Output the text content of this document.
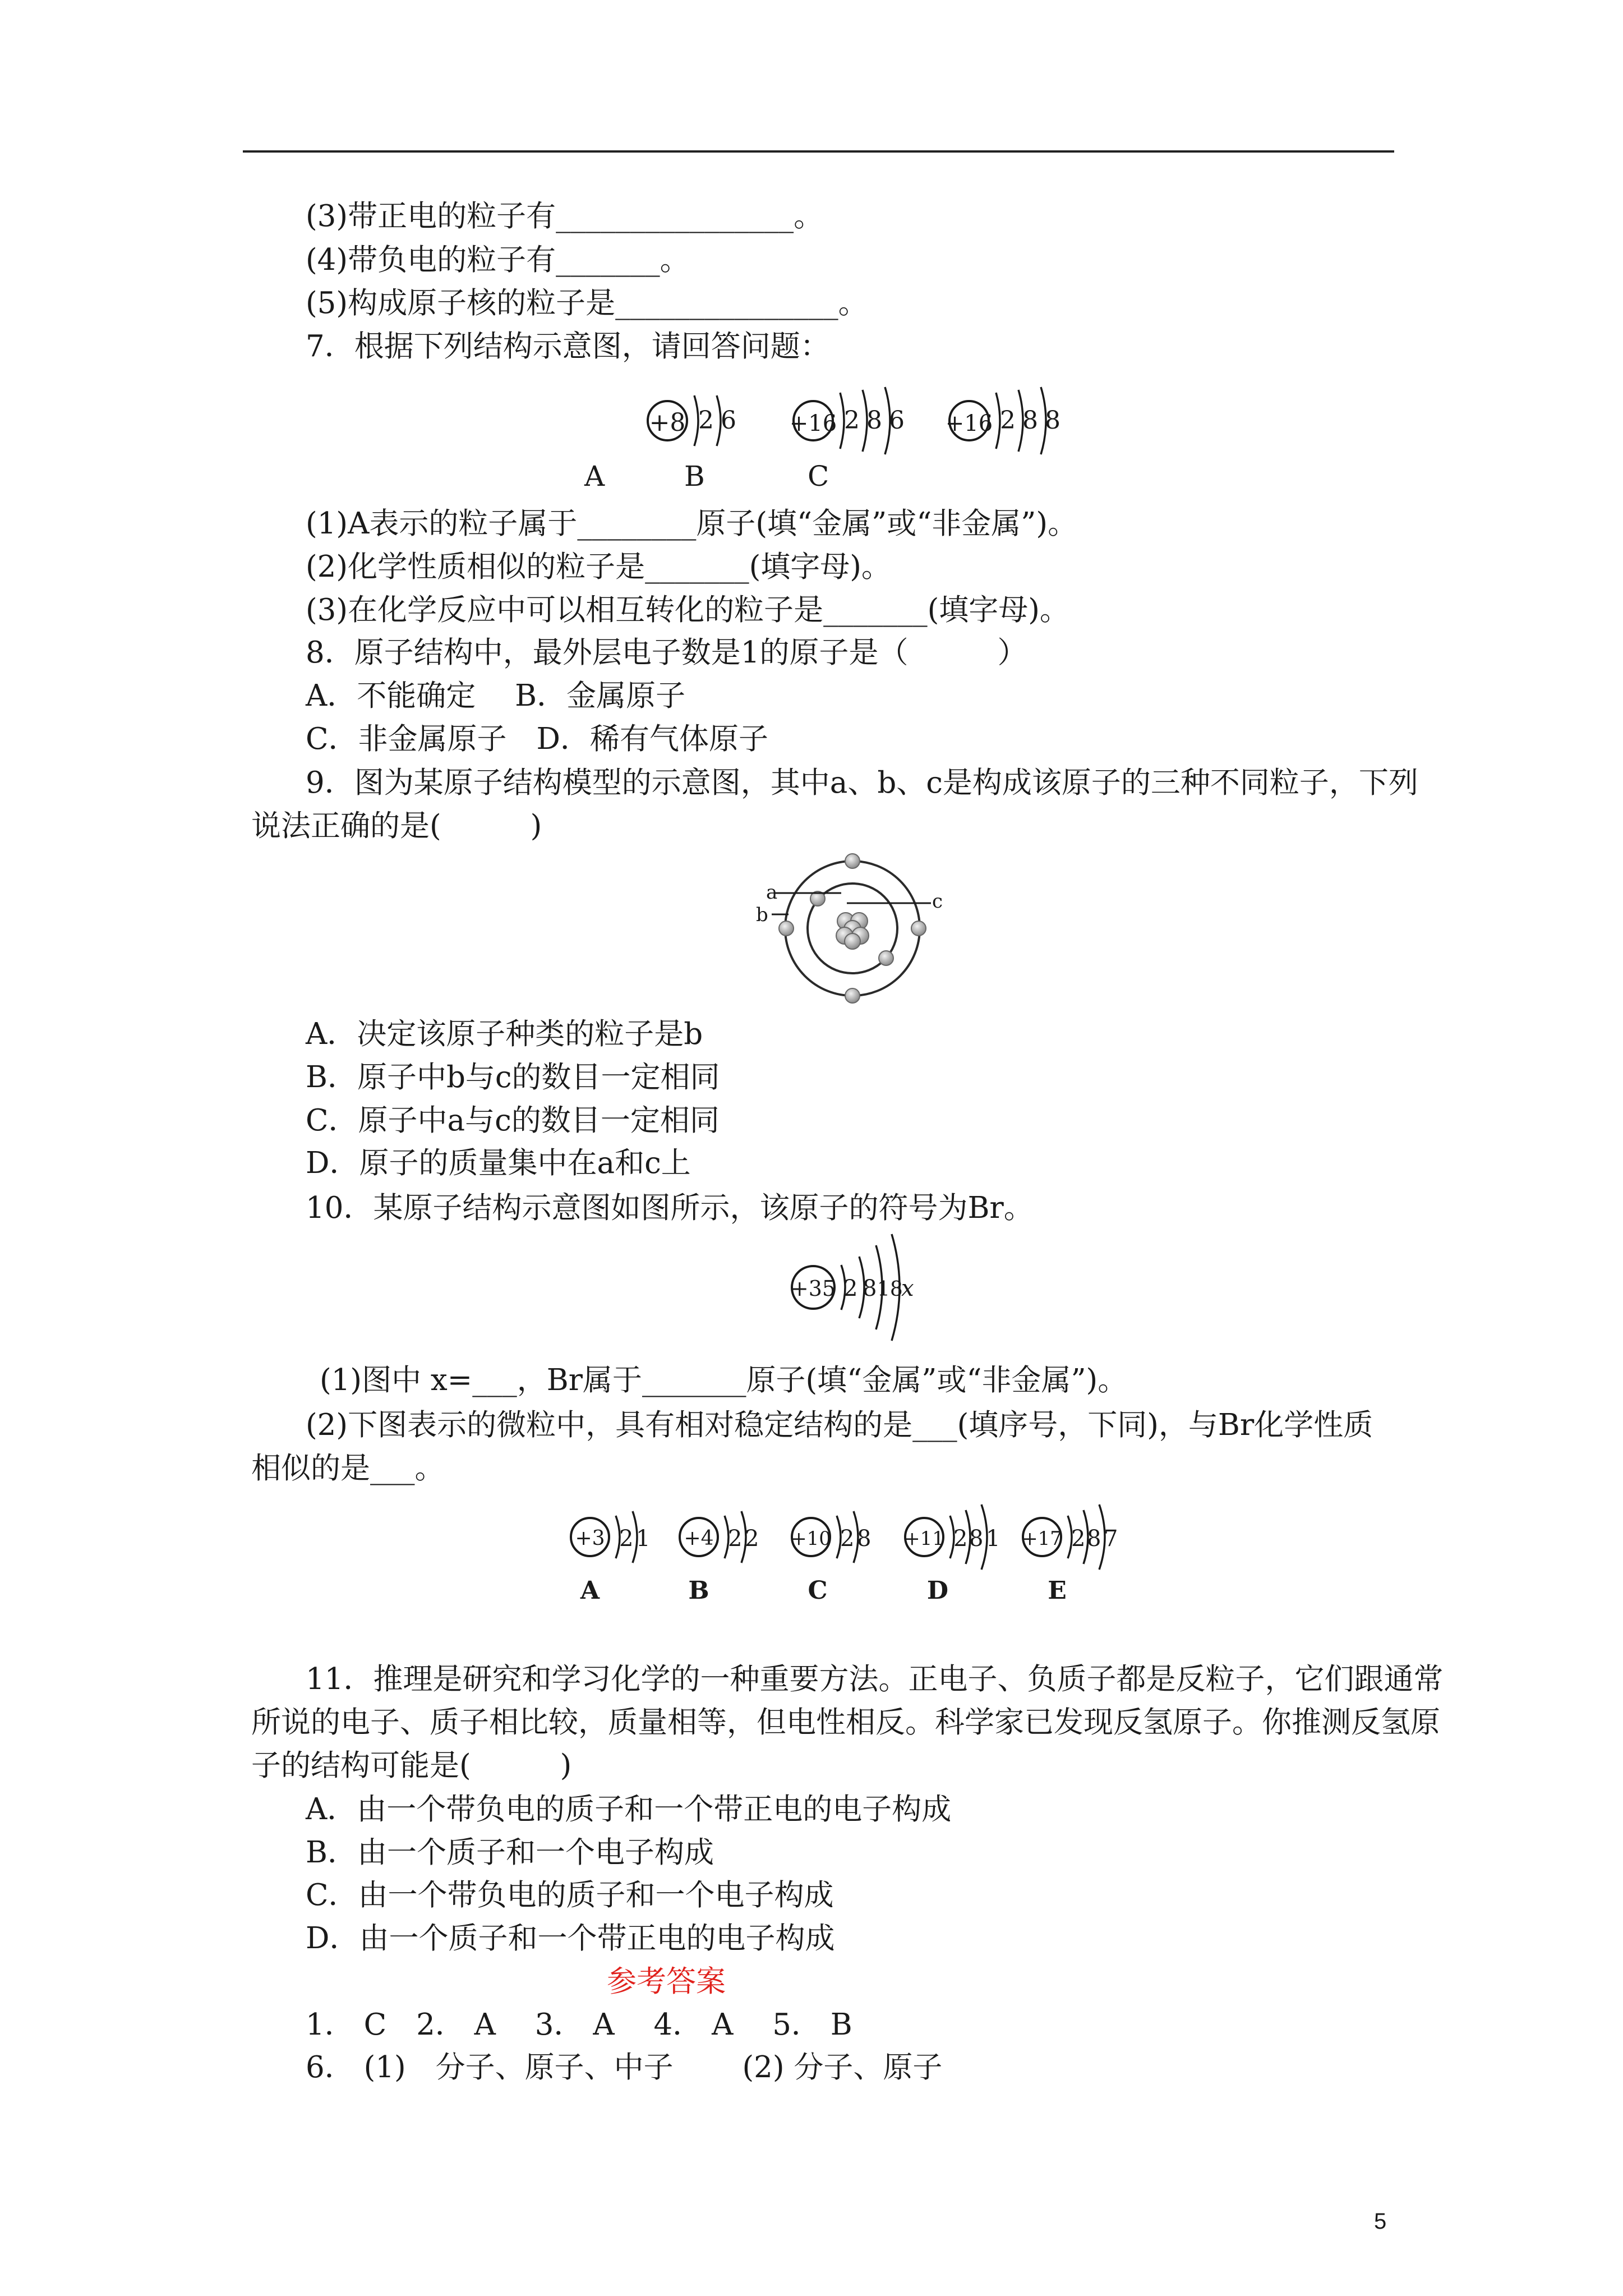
(3)带正电的粒子有________________。
(4)带负电的粒子有_______。
(5)构成原子核的粒子是_______________。
7．根据下列结构示意图，请回答问题：
+8 2 6 +16 2 8 6 +16 2 8 8
A	B	C
(1)A表示的粒子属于________原子(填“金属”或“非金属”)。
(2)化学性质相似的粒子是_______(填字母)。
(3)在化学反应中可以相互转化的粒子是_______(填字母)。
8．原子结构中，最外层电子数是1的原子是（　　　）
A．不能确定　 B．金属原子
C．非金属原子　D．稀有气体原子
9．图为某原子结构模型的示意图，其中a、b、c是构成该原子的三种不同粒子，下列
说法正确的是(　　　)
a
b
c
A．决定该原子种类的粒子是b
B．原子中b与c的数目一定相同
C．原子中a与c的数目一定相同
D．原子的质量集中在a和c上
10．某原子结构示意图如图所示，该原子的符号为Br。
+35 2 8 18
x
(1)图中 x=___，Br属于_______原子(填“金属”或“非金属”)。
(2)下图表示的微粒中，具有相对稳定结构的是___(填序号，下同)，与Br化学性质
相似的是___。
+3 2 1 +4 2 2 +10 2 8 +11 2 8 1 +17 2 8 7
A	B	C	D	E
11．推理是研究和学习化学的一种重要方法。正电子、负质子都是反粒子，它们跟通常
所说的电子、质子相比较，质量相等，但电性相反。科学家已发现反氢原子。你推测反氢原
子的结构可能是(　　　)
A．由一个带负电的质子和一个带正电的电子构成
B．由一个质子和一个电子构成
C．由一个带负电的质子和一个电子构成
D．由一个质子和一个带正电的电子构成
参考答案
1． C　2． A　 3． A　 4． A　 5． B
6． (1)　分子、原子、中子　　 (2) 分子、原子
5
